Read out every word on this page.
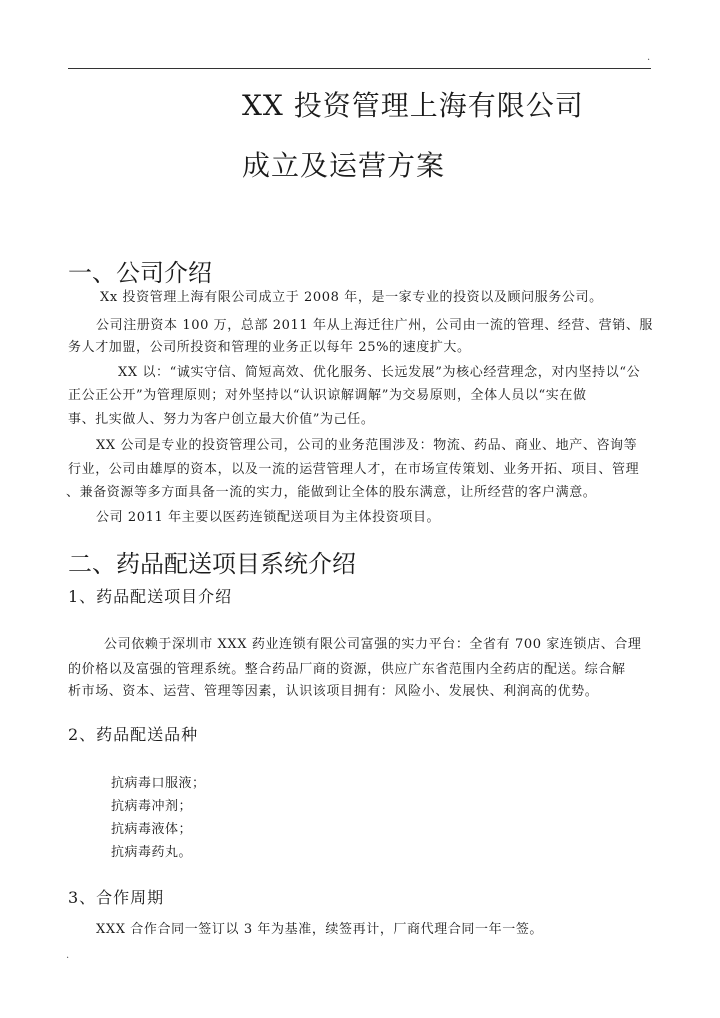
.
XX 投资管理上海有限公司
成立及运营方案
一、公司介绍
Xx 投资管理上海有限公司成立于 2008 年，是一家专业的投资以及顾问服务公司。
公司注册资本 100 万，总部 2011 年从上海迁往广州，公司由一流的管理、经营、营销、服
务人才加盟，公司所投资和管理的业务正以每年 25%的速度扩大。
XX 以：“诚实守信、简短高效、优化服务、长远发展”为核心经营理念，对内坚持以“公
正公正公开”为管理原则；对外坚持以“认识谅解调解”为交易原则，全体人员以“实在做
事、扎实做人、努力为客户创立最大价值”为己任。
XX 公司是专业的投资管理公司，公司的业务范围涉及：物流、药品、商业、地产、咨询等
行业，公司由雄厚的资本，以及一流的运营管理人才，在市场宣传策划、业务开拓、项目、管理
、兼备资源等多方面具备一流的实力，能做到让全体的股东满意，让所经营的客户满意。
公司 2011 年主要以医药连锁配送项目为主体投资项目。
二、药品配送项目系统介绍
1、药品配送项目介绍
公司依赖于深圳市 XXX 药业连锁有限公司富强的实力平台：全省有 700 家连锁店、合理
的价格以及富强的管理系统。整合药品厂商的资源，供应广东省范围内全药店的配送。综合解
析市场、资本、运营、管理等因素，认识该项目拥有：风险小、发展快、利润高的优势。
2、药品配送品种
抗病毒口服液；
抗病毒冲剂；
抗病毒液体；
抗病毒药丸。
3、合作周期
XXX 合作合同一签订以 3 年为基准，续签再计，厂商代理合同一年一签。
.
